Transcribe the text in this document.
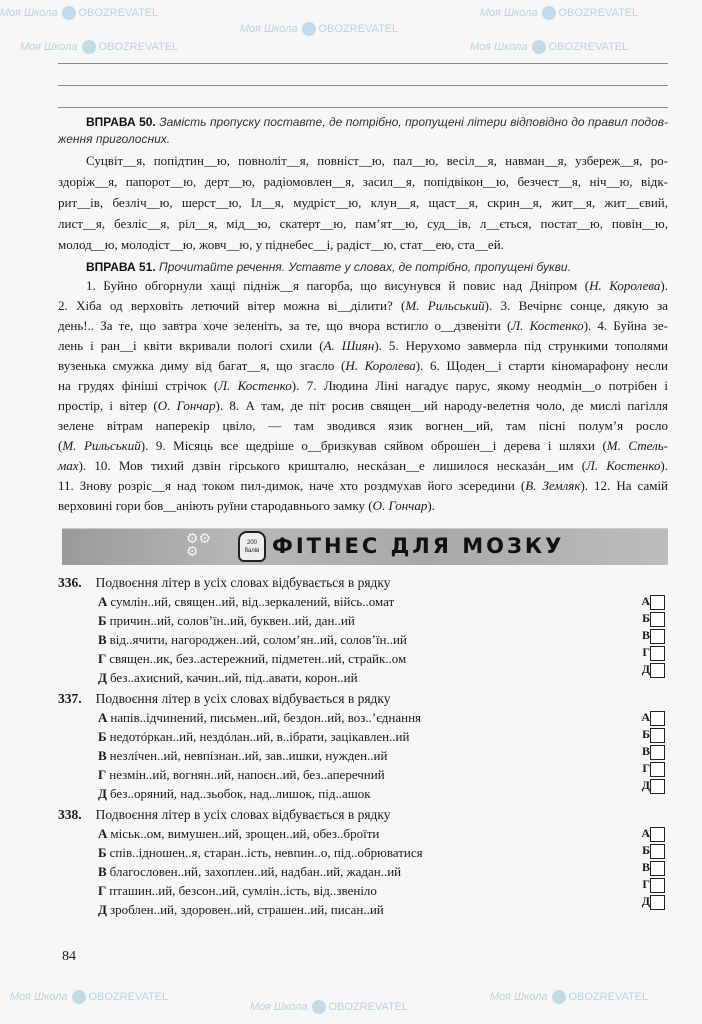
Моя Школа OBOZREVATEL
Моя Школа OBOZREVATEL
Моя Школа OBOZREVATEL
Моя Школа OBOZREVATEL	Моя Школа OBOZREVATEL
Моя Школа OBOZREVATEL
Моя Школа OBOZREVATEL
Моя Школа OBOZREVATEL
ВПРАВА 50. Замість пропуску поставте, де потрібно, пропущені літери відповідно до правил подов-
ження приголосних.
Суцвіт__я, попідтин__ю, повноліт__я, повніст__ю, пал__ю, весіл__я, навман__я, узбереж__я, ро-
здоріж__я, папорот__ю, дерт__ю, радіомовлен__я, засил__я, попідвікон__ю, безчест__я, ніч__ю, відк-
рит__ів, безліч__ю, шерст__ю, Іл__я, мудріст__ю, клун__я, щаст__я, скрин__я, жит__я, жит__євий,
лист__я, безліс__я, ріл__я, мід__ю, скатерт__ю, пам’ят__ю, суд__ів, л__ється, постат__ю, повін__ю,
молод__ю, молодіст__ю, жовч__ю, у піднебес__і, радіст__ю, стат__ею, ста__ей.
ВПРАВА 51. Прочитайте речення. Уставте у словах, де потрібно, пропущені букви.
1. Буйно обгорнули хащі підніж__я пагорба, що висунувся й повис над Дніпром (Н. Королева).
2. Хіба од верховіть летючий вітер можна ві__ділити? (М. Рильський). 3. Вечірнє сонце, дякую за
день!.. За те, що завтра хоче зеленіть, за те, що вчора встигло о__дзвеніти (Л. Костенко). 4. Буйна зе-
лень і ран__і квіти вкривали пологі схили (А. Шиян). 5. Нерухомо завмерла під стрункими тополями
вузенька смужка диму від багат__я, що згасло (Н. Королева). 6. Щоден__і старти кіномарафону несли
на грудях фініші стрічок (Л. Костенко). 7. Людина Ліні нагадує парус, якому неодмін__о потрібен і
простір, і вітер (О. Гончар). 8. А там, де піт росив священ__ий народу-велетня чоло, де мислі пагілля
зелене вітрам наперекір цвіло, — там зводився язик вогнен__ий, там пісні полум’я росло
(М. Рильський). 9. Місяць все щедріше о__бризкував сяйвом оброшен__і дерева і шляхи (М. Стель-
мах). 10. Мов тихий дзвін гірського кришталю, нескáзан__е лишилося несказáн__им (Л. Костенко).
11. Знову розріс__я над током пил-димок, наче хто роздмухав його зсередини (В. Земляк). 12. На самій
верховині гори бов__аніють руїни стародавнього замку (О. Гончар).
⚙⚙
⚙
200
балів ФІТНЕС ДЛЯ МОЗКУ
336. Подвоєння літер в усіх словах відбувається в рядку
А сумлін..ий, священ..ий, від..зеркалений, війсь..омат
Б причин..ий, солов’їн..ий, буквен..ий, дан..ий
В від..ячити, нагороджен..ий, солом’ян..ий, солов’їн..ий
Г священ..ик, без..астережний, підметен..ий, страйк..ом
Д без..ахисний, качин..ий, під..авати, корон..ий
А
Б
В
Г
Д
337. Подвоєння літер в усіх словах відбувається в рядку
А напів..ідчинений, письмен..ий, бездон..ий, воз..’єднання
Б недотóркан..ий, нездóлан..ий, в..ібрати, зацікавлен..ий
В незлíчен..ий, невпíзнан..ий, зав..ишки, нужден..ий
Г незмін..ий, вогнян..ий, напоєн..ий, без..аперечний
Д без..оряний, над..зьобок, над..лишок, під..ашок
А
Б
В
Г
Д
338. Подвоєння літер в усіх словах відбувається в рядку
А міськ..ом, вимушен..ий, зрощен..ий, обез..броїти
Б спів..ідношен..я, старан..ість, невпин..о, під..обрюватися
В благословен..ий, захоплен..ий, надбан..ий, жадан..ий
Г пташин..ий, безсон..ий, сумлін..ість, від..звеніло
Д зроблен..ий, здоровен..ий, страшен..ий, писан..ий
А
Б
В
Г
Д
84
